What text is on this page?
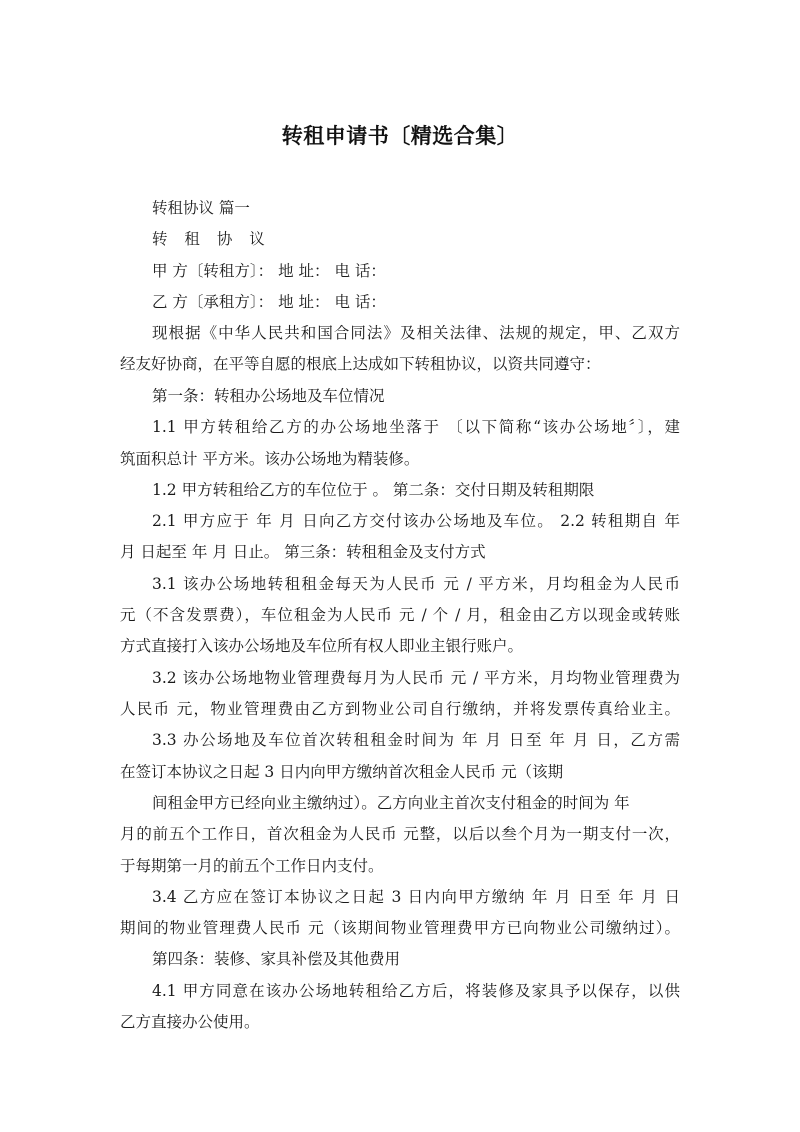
转租申请书〔精选合集〕
转租协议 篇一
转 租 协 议
甲 方〔转租方〕： 地 址： 电 话：
乙 方〔承租方〕： 地 址： 电 话：
现根据《中华人民共和国合同法》及相关法律、法规的规定，甲、乙双方
经友好协商，在平等自愿的根底上达成如下转租协议，以资共同遵守：
第一条：转租办公场地及车位情况
1.1 甲方转租给乙方的办公场地坐落于 〔以下简称“该办公场地〞〕，建
筑面积总计 平方米。该办公场地为精装修。
1.2 甲方转租给乙方的车位位于 。 第二条：交付日期及转租期限
2.1 甲方应于 年 月 日向乙方交付该办公场地及车位。 2.2 转租期自 年
月 日起至 年 月 日止。 第三条：转租租金及支付方式
3.1 该办公场地转租租金每天为人民币 元 / 平方米，月均租金为人民币
元（不含发票费），车位租金为人民币 元 / 个 / 月，租金由乙方以现金或转账
方式直接打入该办公场地及车位所有权人即业主银行账户。
3.2 该办公场地物业管理费每月为人民币 元 / 平方米，月均物业管理费为
人民币 元，物业管理费由乙方到物业公司自行缴纳，并将发票传真给业主。
3.3 办公场地及车位首次转租租金时间为 年 月 日至 年 月 日，乙方需
在签订本协议之日起 3 日内向甲方缴纳首次租金人民币 元（该期
间租金甲方已经向业主缴纳过）。乙方向业主首次支付租金的时间为 年
月的前五个工作日，首次租金为人民币 元整，以后以叁个月为一期支付一次，
于每期第一月的前五个工作日内支付。
3.4 乙方应在签订本协议之日起 3 日内向甲方缴纳 年 月 日至 年 月 日
期间的物业管理费人民币 元（该期间物业管理费甲方已向物业公司缴纳过）。
第四条：装修、家具补偿及其他费用
4.1 甲方同意在该办公场地转租给乙方后，将装修及家具予以保存，以供
乙方直接办公使用。
